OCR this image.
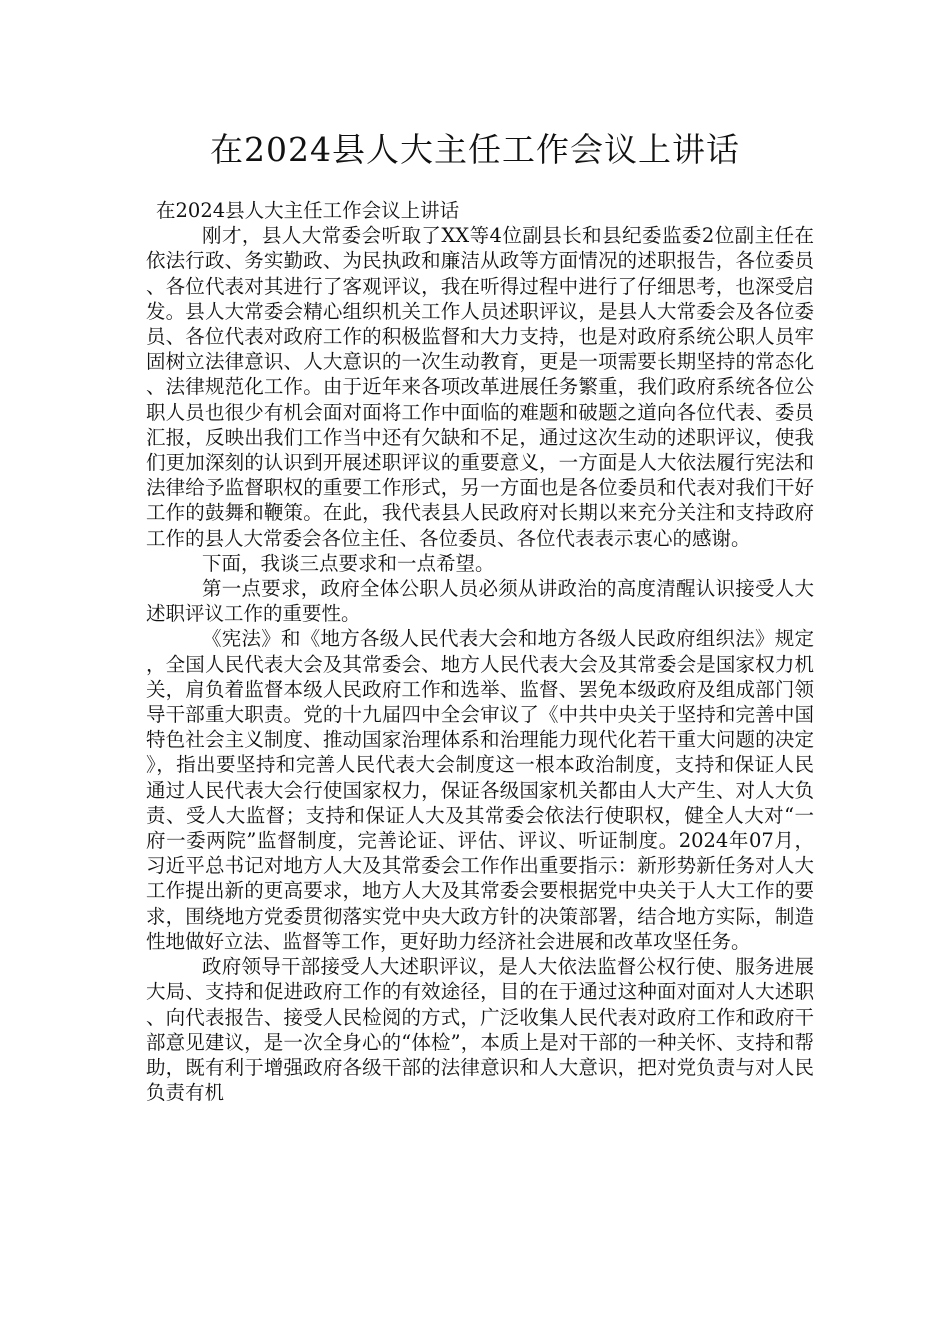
在2024县人大主任工作会议上讲话

在2024县人大主任工作会议上讲话

刚才，县人大常委会听取了XX等4位副县长和县纪委监委2位副主任在依法行政、务实勤政、为民执政和廉洁从政等方面情况的述职报告，各位委员、各位代表对其进行了客观评议，我在听得过程中进行了仔细思考，也深受启发。县人大常委会精心组织机关工作人员述职评议，是县人大常委会及各位委员、各位代表对政府工作的积极监督和大力支持，也是对政府系统公职人员牢固树立法律意识、人大意识的一次生动教育，更是一项需要长期坚持的常态化、法律规范化工作。由于近年来各项改革进展任务繁重，我们政府系统各位公职人员也很少有机会面对面将工作中面临的难题和破题之道向各位代表、委员汇报，反映出我们工作当中还有欠缺和不足，通过这次生动的述职评议，使我们更加深刻的认识到开展述职评议的重要意义，一方面是人大依法履行宪法和法律给予监督职权的重要工作形式，另一方面也是各位委员和代表对我们干好工作的鼓舞和鞭策。在此，我代表县人民政府对长期以来充分关注和支持政府工作的县人大常委会各位主任、各位委员、各位代表表示衷心的感谢。

下面，我谈三点要求和一点希望。

第一点要求，政府全体公职人员必须从讲政治的高度清醒认识接受人大述职评议工作的重要性。

《宪法》和《地方各级人民代表大会和地方各级人民政府组织法》规定，全国人民代表大会及其常委会、地方人民代表大会及其常委会是国家权力机关，肩负着监督本级人民政府工作和选举、监督、罢免本级政府及组成部门领导干部重大职责。党的十九届四中全会审议了《中共中央关于坚持和完善中国特色社会主义制度、推动国家治理体系和治理能力现代化若干重大问题的决定》，指出要坚持和完善人民代表大会制度这一根本政治制度，支持和保证人民通过人民代表大会行使国家权力，保证各级国家机关都由人大产生、对人大负责、受人大监督；支持和保证人大及其常委会依法行使职权，健全人大对“一府一委两院”监督制度，完善论证、评估、评议、听证制度。2024年07月，习近平总书记对地方人大及其常委会工作作出重要指示：新形势新任务对人大工作提出新的更高要求，地方人大及其常委会要根据党中央关于人大工作的要求，围绕地方党委贯彻落实党中央大政方针的决策部署，结合地方实际，制造性地做好立法、监督等工作，更好助力经济社会进展和改革攻坚任务。

政府领导干部接受人大述职评议，是人大依法监督公权行使、服务进展大局、支持和促进政府工作的有效途径，目的在于通过这种面对面对人大述职、向代表报告、接受人民检阅的方式，广泛收集人民代表对政府工作和政府干部意见建议，是一次全身心的“体检”，本质上是对干部的一种关怀、支持和帮助，既有利于增强政府各级干部的法律意识和人大意识，把对党负责与对人民负责有机
